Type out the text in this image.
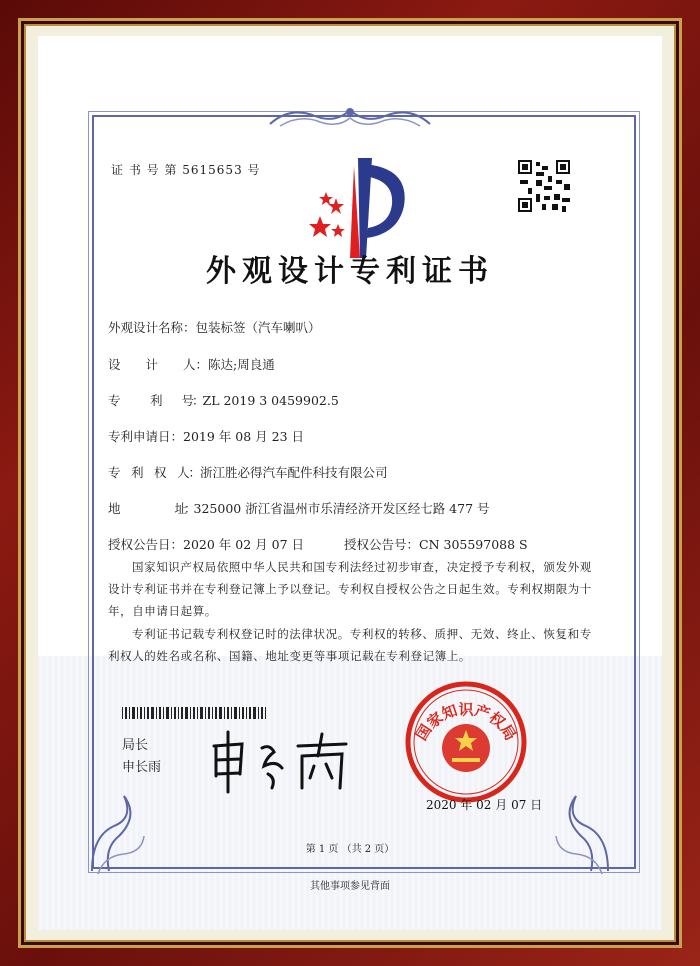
证 书 号 第 5615653 号
外观设计专利证书
外观设计名称：包装标签（汽车喇叭）
设　　计　　人：陈达;周良通
专　　　利　　号：ZL 2019 3 0459902.5
专利申请日：2019 年 08 月 23 日
专　利　权　人：浙江胜必得汽车配件科技有限公司
地　　　　　　址：325000 浙江省温州市乐清经济开发区经七路 477 号
授权公告日：2020 年 02 月 07 日	授权公告号：CN 305597088 S
国家知识产权局依照中华人民共和国专利法经过初步审查，决定授予专利权，颁发外观设计专利证书并在专利登记簿上予以登记。专利权自授权公告之日起生效。专利权期限为十年，自申请日起算。
专利证书记载专利权登记时的法律状况。专利权的转移、质押、无效、终止、恢复和专利权人的姓名或名称、国籍、地址变更等事项记载在专利登记簿上。
局长
申长雨
国家知识产权局
2020 年 02 月 07 日
第 1 页 （共 2 页）
其他事项参见背面
